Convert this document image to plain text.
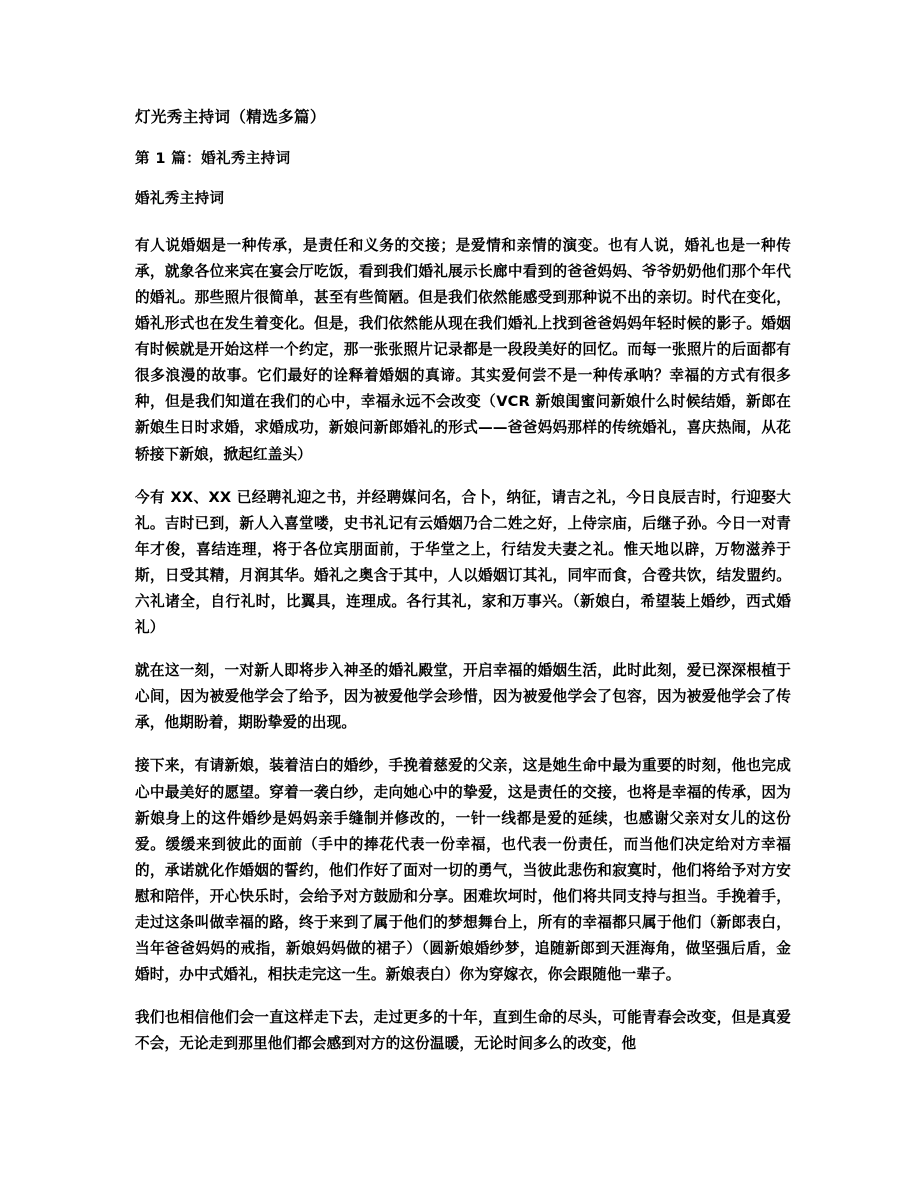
灯光秀主持词（精选多篇）
第 1 篇：婚礼秀主持词
婚礼秀主持词

有人说婚姻是一种传承，是责任和义务的交接；是爱情和亲情的演变。也有人说，婚礼也是一种传承，就象各位来宾在宴会厅吃饭，看到我们婚礼展示长廊中看到的爸爸妈妈、爷爷奶奶他们那个年代的婚礼。那些照片很简单，甚至有些简陋。但是我们依然能感受到那种说不出的亲切。时代在变化，婚礼形式也在发生着变化。但是，我们依然能从现在我们婚礼上找到爸爸妈妈年轻时候的影子。婚姻有时候就是开始这样一个约定，那一张张照片记录都是一段段美好的回忆。而每一张照片的后面都有很多浪漫的故事。它们最好的诠释着婚姻的真谛。其实爱何尝不是一种传承呐？幸福的方式有很多种，但是我们知道在我们的心中，幸福永远不会改变（VCR 新娘闺蜜问新娘什么时候结婚，新郎在新娘生日时求婚，求婚成功，新娘问新郎婚礼的形式——爸爸妈妈那样的传统婚礼，喜庆热闹，从花轿接下新娘，掀起红盖头）

今有 XX、XX 已经聘礼迎之书，并经聘媒问名，合卜，纳征，请吉之礼，今日良辰吉时，行迎娶大礼。吉时已到，新人入喜堂喽，史书礼记有云婚姻乃合二姓之好，上侍宗庙，后继子孙。今日一对青年才俊，喜结连理，将于各位宾朋面前，于华堂之上，行结发夫妻之礼。惟天地以辟，万物滋养于斯，日受其精，月润其华。婚礼之奥含于其中，人以婚姻订其礼，同牢而食，合卺共饮，结发盟约。六礼诸全，自行礼时，比翼具，连理成。各行其礼，家和万事兴。（新娘白，希望装上婚纱，西式婚礼）

就在这一刻，一对新人即将步入神圣的婚礼殿堂，开启幸福的婚姻生活，此时此刻，爱已深深根植于心间，因为被爱他学会了给予，因为被爱他学会珍惜，因为被爱他学会了包容，因为被爱他学会了传承，他期盼着，期盼挚爱的出现。

接下来，有请新娘，装着洁白的婚纱，手挽着慈爱的父亲，这是她生命中最为重要的时刻，他也完成心中最美好的愿望。穿着一袭白纱，走向她心中的挚爱，这是责任的交接，也将是幸福的传承，因为新娘身上的这件婚纱是妈妈亲手缝制并修改的，一针一线都是爱的延续，也感谢父亲对女儿的这份爱。缓缓来到彼此的面前（手中的捧花代表一份幸福，也代表一份责任，而当他们决定给对方幸福的，承诺就化作婚姻的誓约，他们作好了面对一切的勇气，当彼此悲伤和寂寞时，他们将给予对方安慰和陪伴，开心快乐时，会给予对方鼓励和分享。困难坎坷时，他们将共同支持与担当。手挽着手，走过这条叫做幸福的路，终于来到了属于他们的梦想舞台上，所有的幸福都只属于他们（新郎表白，当年爸爸妈妈的戒指，新娘妈妈做的裙子）（圆新娘婚纱梦，追随新郎到天涯海角，做坚强后盾，金婚时，办中式婚礼，相扶走完这一生。新娘表白）你为穿嫁衣，你会跟随他一辈子。

我们也相信他们会一直这样走下去，走过更多的十年，直到生命的尽头，可能青春会改变，但是真爱不会，无论走到那里他们都会感到对方的这份温暖，无论时间多么的改变，他
